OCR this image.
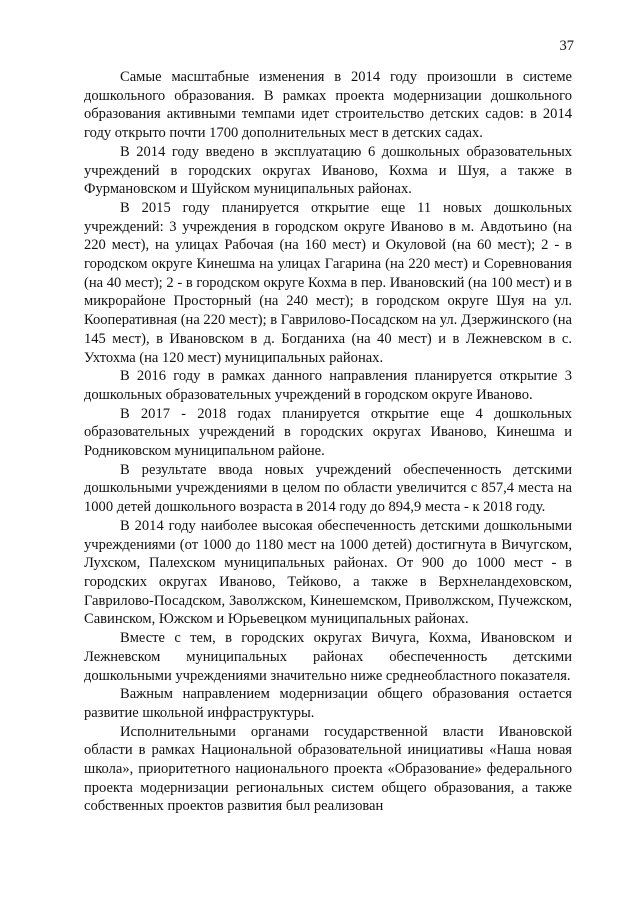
37

Самые масштабные изменения в 2014 году произошли в системе дошкольного образования. В рамках проекта модернизации дошкольного образования активными темпами идет строительство детских садов: в 2014 году открыто почти 1700 дополнительных мест в детских садах.

В 2014 году введено в эксплуатацию 6 дошкольных образовательных учреждений в городских округах Иваново, Кохма и Шуя, а также в Фурмановском и Шуйском муниципальных районах.

В 2015 году планируется открытие еще 11 новых дошкольных учреждений: 3 учреждения в городском округе Иваново в м. Авдотьино (на 220 мест), на улицах Рабочая (на 160 мест) и Окуловой (на 60 мест); 2 - в городском округе Кинешма на улицах Гагарина (на 220 мест) и Соревнования (на 40 мест); 2 - в городском округе Кохма в пер. Ивановский (на 100 мест) и в микрорайоне Просторный (на 240 мест); в городском округе Шуя на ул. Кооперативная (на 220 мест); в Гаврилово-Посадском на ул. Дзержинского (на 145 мест), в Ивановском в д. Богданиха (на 40 мест) и в Лежневском в с. Ухтохма (на 120 мест) муниципальных районах.

В 2016 году в рамках данного направления планируется открытие 3 дошкольных образовательных учреждений в городском округе Иваново.

В 2017 - 2018 годах планируется открытие еще 4 дошкольных образовательных учреждений в городских округах Иваново, Кинешма и Родниковском муниципальном районе.

В результате ввода новых учреждений обеспеченность детскими дошкольными учреждениями в целом по области увеличится с 857,4 места на 1000 детей дошкольного возраста в 2014 году до 894,9 места - к 2018 году.

В 2014 году наиболее высокая обеспеченность детскими дошкольными учреждениями (от 1000 до 1180 мест на 1000 детей) достигнута в Вичугском, Лухском, Палехском муниципальных районах. От 900 до 1000 мест - в городских округах Иваново, Тейково, а также в Верхнеландеховском, Гаврилово-Посадском, Заволжском, Кинешемском, Приволжском, Пучежском, Савинском, Южском и Юрьевецком муниципальных районах.

Вместе с тем, в городских округах Вичуга, Кохма, Ивановском и Лежневском муниципальных районах обеспеченность детскими дошкольными учреждениями значительно ниже среднеобластного показателя.

Важным направлением модернизации общего образования остается развитие школьной инфраструктуры.

Исполнительными органами государственной власти Ивановской области в рамках Национальной образовательной инициативы «Наша новая школа», приоритетного национального проекта «Образование» федерального проекта модернизации региональных систем общего образования, а также собственных проектов развития был реализован
